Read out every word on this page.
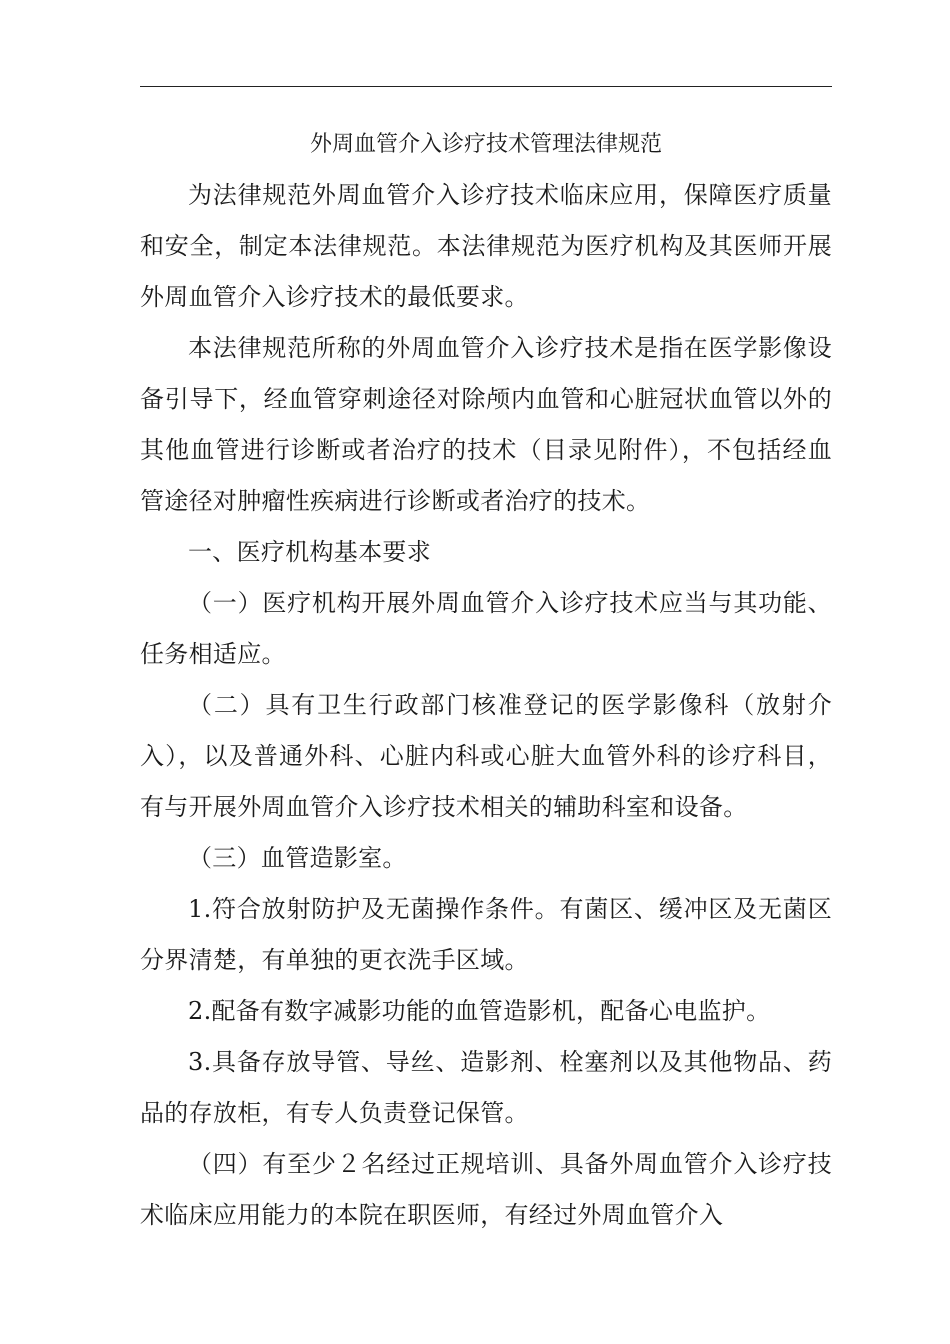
外周血管介入诊疗技术管理法律规范

为法律规范外周血管介入诊疗技术临床应用，保障医疗质量和安全，制定本法律规范。本法律规范为医疗机构及其医师开展外周血管介入诊疗技术的最低要求。

本法律规范所称的外周血管介入诊疗技术是指在医学影像设备引导下，经血管穿刺途径对除颅内血管和心脏冠状血管以外的其他血管进行诊断或者治疗的技术（目录见附件），不包括经血管途径对肿瘤性疾病进行诊断或者治疗的技术。

一、医疗机构基本要求

（一）医疗机构开展外周血管介入诊疗技术应当与其功能、任务相适应。

（二）具有卫生行政部门核准登记的医学影像科（放射介入），以及普通外科、心脏内科或心脏大血管外科的诊疗科目，有与开展外周血管介入诊疗技术相关的辅助科室和设备。

（三）血管造影室。

1.符合放射防护及无菌操作条件。有菌区、缓冲区及无菌区分界清楚，有单独的更衣洗手区域。

2.配备有数字减影功能的血管造影机，配备心电监护。

3.具备存放导管、导丝、造影剂、栓塞剂以及其他物品、药品的存放柜，有专人负责登记保管。

（四）有至少２名经过正规培训、具备外周血管介入诊疗技术临床应用能力的本院在职医师，有经过外周血管介入
